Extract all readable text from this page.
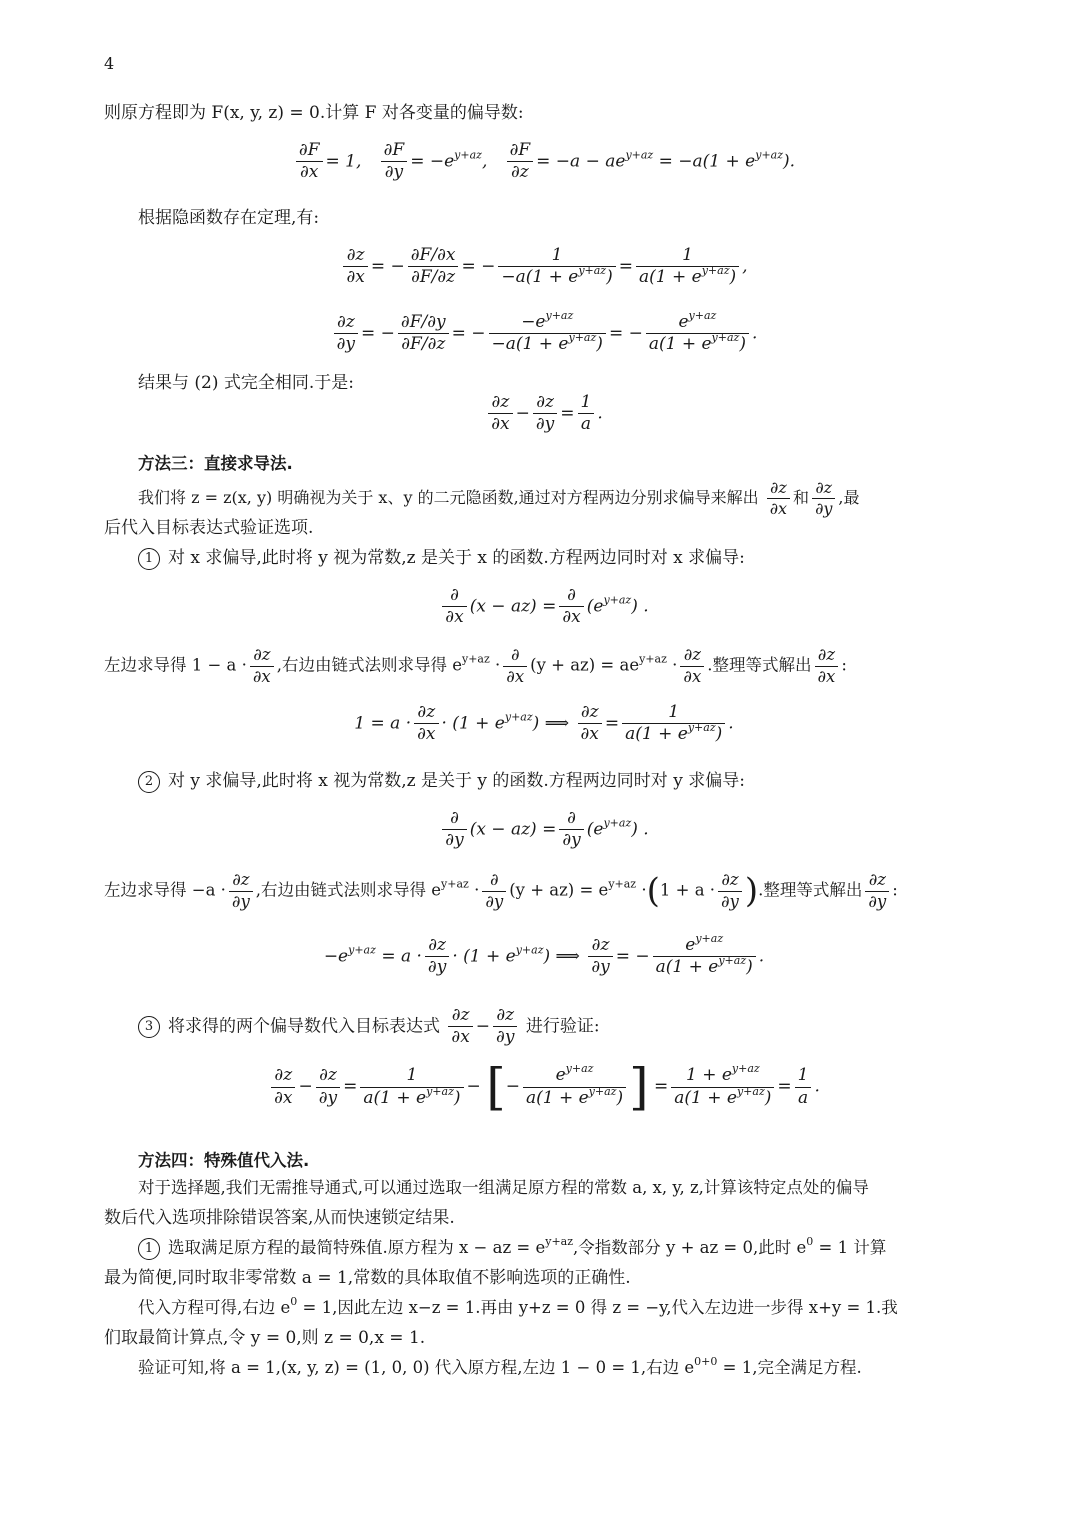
4
则原方程即为 F(x, y, z) = 0.计算 F 对各变量的偏导数:
$\frac{\partial F}{\partial x} = 1$, $\frac{\partial F}{\partial y} = -e^{y+az}$, $\frac{\partial F}{\partial z} = -a - ae^{y+az} = -a(1 + e^{y+az})$.
根据隐函数存在定理,有:
$\frac{\partial z}{\partial x}$ = − $\frac{\partial F/\partial x}{\partial F/\partial z}$ = − $\frac{1}{-a(1 + e^{y+az})} = \frac{1}{a(1 + e^{y+az})}$ ,
$\frac{\partial z}{\partial y}$ = − $\frac{\partial F/\partial y}{\partial F/\partial z}$ = − $\frac{-e^{y+az}}{-a(1 + e^{y+az})}$ = − $\frac{e^{y+az}}{a(1 + e^{y+az})}$ .
结果与 (2) 式完全相同.于是:
$\frac{\partial z}{\partial x} - \frac{\partial z}{\partial y} = \frac{1}{a}$ .
方法三：直接求导法.
我们将 z = z(x, y) 明确视为关于 x、y 的二元隐函数,通过对方程两边分别求偏导来解出 $\frac{\partial z}{\partial x}$ 和 $\frac{\partial z}{\partial y}$ ,最
后代入目标表达式验证选项.
1 对 x 求偏导,此时将 y 视为常数,z 是关于 x 的函数.方程两边同时对 x 求偏导:
$\frac{\partial}{\partial x} (x - az) = \frac{\partial}{\partial x} (e^{y+az})$ .
左边求导得 $1 - a \cdot \frac{\partial z}{\partial x}$ ,右边由链式法则求导得 $e^{y+az} \cdot \frac{\partial}{\partial x} (y + az) = ae^{y+az} \cdot \frac{\partial z}{\partial x}$ .整理等式解出 $\frac{\partial z}{\partial x}$ :
$1 = a \cdot \frac{\partial z}{\partial x} \cdot (1 + e^{y+az})$ ⟹ $\frac{\partial z}{\partial x} = \frac{1}{a(1 + e^{y+az})}$ .
2 对 y 求偏导,此时将 x 视为常数,z 是关于 y 的函数.方程两边同时对 y 求偏导:
$\frac{\partial}{\partial y} (x - az) = \frac{\partial}{\partial y} (e^{y+az})$ .
左边求导得 $-a \cdot \frac{\partial z}{\partial y}$ ,右边由链式法则求导得 $e^{y+az} \cdot \frac{\partial}{\partial y} (y + az) = e^{y+az} \cdot(1 + a \cdot \frac{\partial z}{\partial y}$ ).整理等式解出 $\frac{\partial z}{\partial y}$ :
$-e^{y+az} = a \cdot \frac{\partial z}{\partial y} \cdot (1 + e^{y+az})$ ⟹ $\frac{\partial z}{\partial y}$ = − $\frac{e^{y+az}}{a(1 + e^{y+az})}$ .
3 将求得的两个偏导数代入目标表达式 $\frac{\partial z}{\partial x} - \frac{\partial z}{\partial y}$ 进行验证:
$\frac{\partial z}{\partial x} - \frac{\partial z}{\partial y} = \frac{1}{a(1 + e^{y+az})}$ − [− $\frac{e^{y+az}}{a(1 + e^{y+az})}$ ] = $\frac{1 + e^{y+az}}{a(1 + e^{y+az})} = \frac{1}{a}$ .
方法四：特殊值代入法.
对于选择题,我们无需推导通式,可以通过选取一组满足原方程的常数 a, x, y, z,计算该特定点处的偏导
数后代入选项排除错误答案,从而快速锁定结果.
1 选取满足原方程的最简特殊值.原方程为 x − az = $e^{y+az}$,令指数部分 y + az = 0,此时 $e^0 = 1$ 计算
最为简便,同时取非零常数 a = 1,常数的具体取值不影响选项的正确性.
代入方程可得,右边 $e^0 = 1$,因此左边 x−z = 1.再由 y+z = 0 得 z = −y,代入左边进一步得 x+y = 1.我
们取最简计算点,令 y = 0,则 z = 0,x = 1.
验证可知,将 a = 1,(x, y, z) = (1, 0, 0) 代入原方程,左边 1 − 0 = 1,右边 $e^{0+0} = 1$,完全满足方程.
